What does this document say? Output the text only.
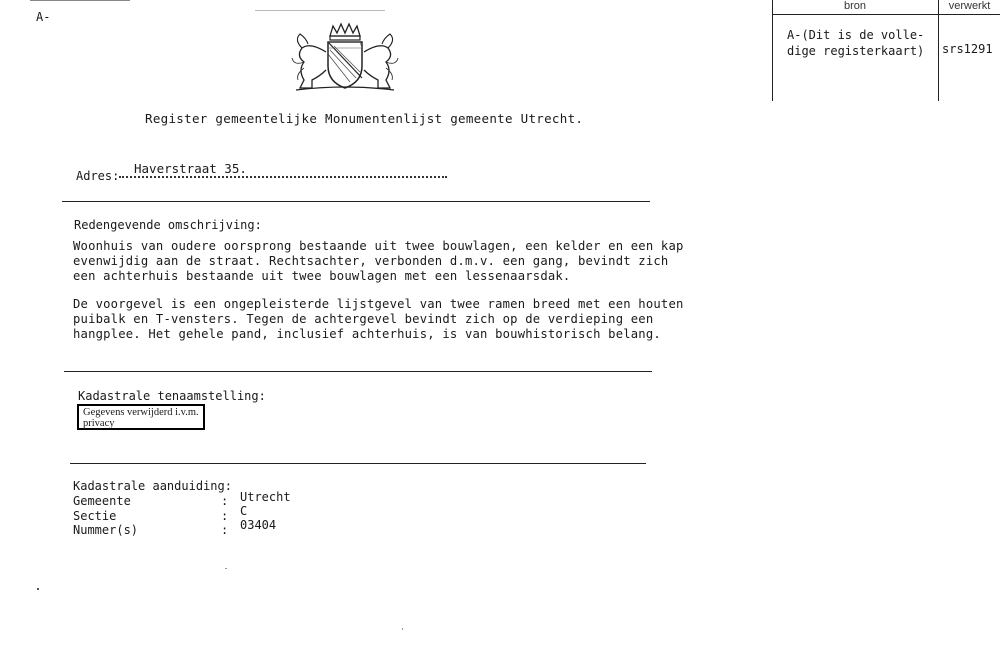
A-
bron	verwerkt
A-(Dit is de volle-
dige registerkaart) srs1291
Register gemeentelijke Monumentenlijst gemeente Utrecht.
Adres: Haverstraat 35.
Redengevende omschrijving:
Woonhuis van oudere oorsprong bestaande uit twee bouwlagen, een kelder en een kap
evenwijdig aan de straat. Rechtsachter, verbonden d.m.v. een gang, bevindt zich
een achterhuis bestaande uit twee bouwlagen met een lessenaarsdak.
De voorgevel is een ongepleisterde lijstgevel van twee ramen breed met een houten
puibalk en T-vensters. Tegen de achtergevel bevindt zich op de verdieping een
hangplee. Het gehele pand, inclusief achterhuis, is van bouwhistorisch belang.
Kadastrale tenaamstelling:
Gegevens verwijderd i.v.m. privacy
Kadastrale aanduiding:
Gemeente	: Utrecht
Sectie	: C
Nummer(s)	: 03404
